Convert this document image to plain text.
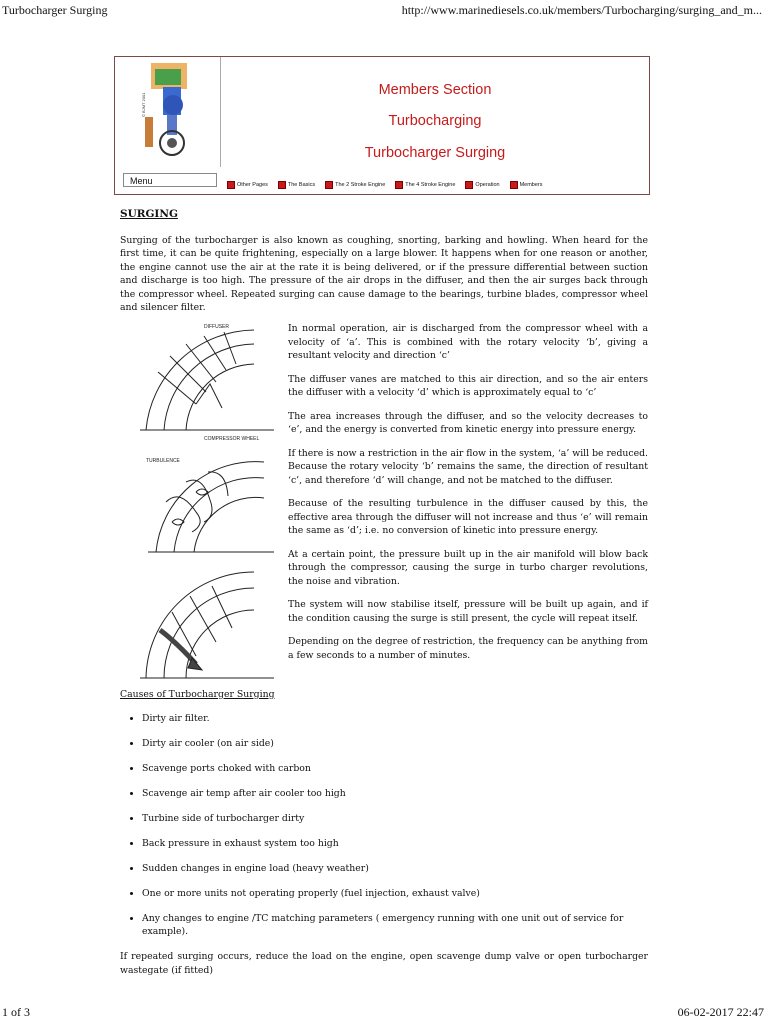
Turbocharger Surging	http://www.marinediesels.co.uk/members/Turbocharging/surging_and_m...
© BJMT 2001
Members Section
Turbocharging
Turbocharger Surging
Menu	Other Pages	The Basics	The 2 Stroke Engine	The 4 Stroke Engine	Operation	Members
SURGING

Surging of the turbocharger is also known as coughing, snorting, barking and howling. When heard for the first time, it can be quite frightening, especially on a large blower. It happens when for one reason or another, the engine cannot use the air at the rate it is being delivered, or if the pressure differential between suction and discharge is too high. The pressure of the air drops in the diffuser, and then the air surges back through the compressor wheel. Repeated surging can cause damage to the bearings, turbine blades, compressor wheel and silencer filter.

DIFFUSER
COMPRESSOR WHEEL
TURBULENCE

In normal operation, air is discharged from the compressor wheel with a velocity of ‘a’. This is combined with the rotary velocity ‘b’, giving a resultant velocity and direction ‘c’

The diffuser vanes are matched to this air direction, and so the air enters the diffuser with a velocity ‘d’ which is approximately equal to ‘c’

The area increases through the diffuser, and so the velocity decreases to ‘e’, and the energy is converted from kinetic energy into pressure energy.

If there is now a restriction in the air flow in the system, ‘a’ will be reduced. Because the rotary velocity ‘b’ remains the same, the direction of resultant ‘c’, and therefore ‘d’ will change, and not be matched to the diffuser.

Because of the resulting turbulence in the diffuser caused by this, the effective area through the diffuser will not increase and thus ‘e’ will remain the same as ‘d’; i.e. no conversion of kinetic into pressure energy.

At a certain point, the pressure built up in the air manifold will blow back through the compressor, causing the surge in turbo charger revolutions, the noise and vibration.

The system will now stabilise itself, pressure will be built up again, and if the condition causing the surge is still present, the cycle will repeat itself.

Depending on the degree of restriction, the frequency can be anything from a few seconds to a number of minutes.

Causes of Turbocharger Surging
• Dirty air filter.
• Dirty air cooler (on air side)
• Scavenge ports choked with carbon
• Scavenge air temp after air cooler too high
• Turbine side of turbocharger dirty
• Back pressure in exhaust system too high
• Sudden changes in engine load (heavy weather)
• One or more units not operating properly (fuel injection, exhaust valve)
• Any changes to engine /TC matching parameters ( emergency running with one unit out of service for example).

If repeated surging occurs, reduce the load on the engine, open scavenge dump valve or open turbocharger wastegate (if fitted)

1 of 3	06-02-2017 22:47
